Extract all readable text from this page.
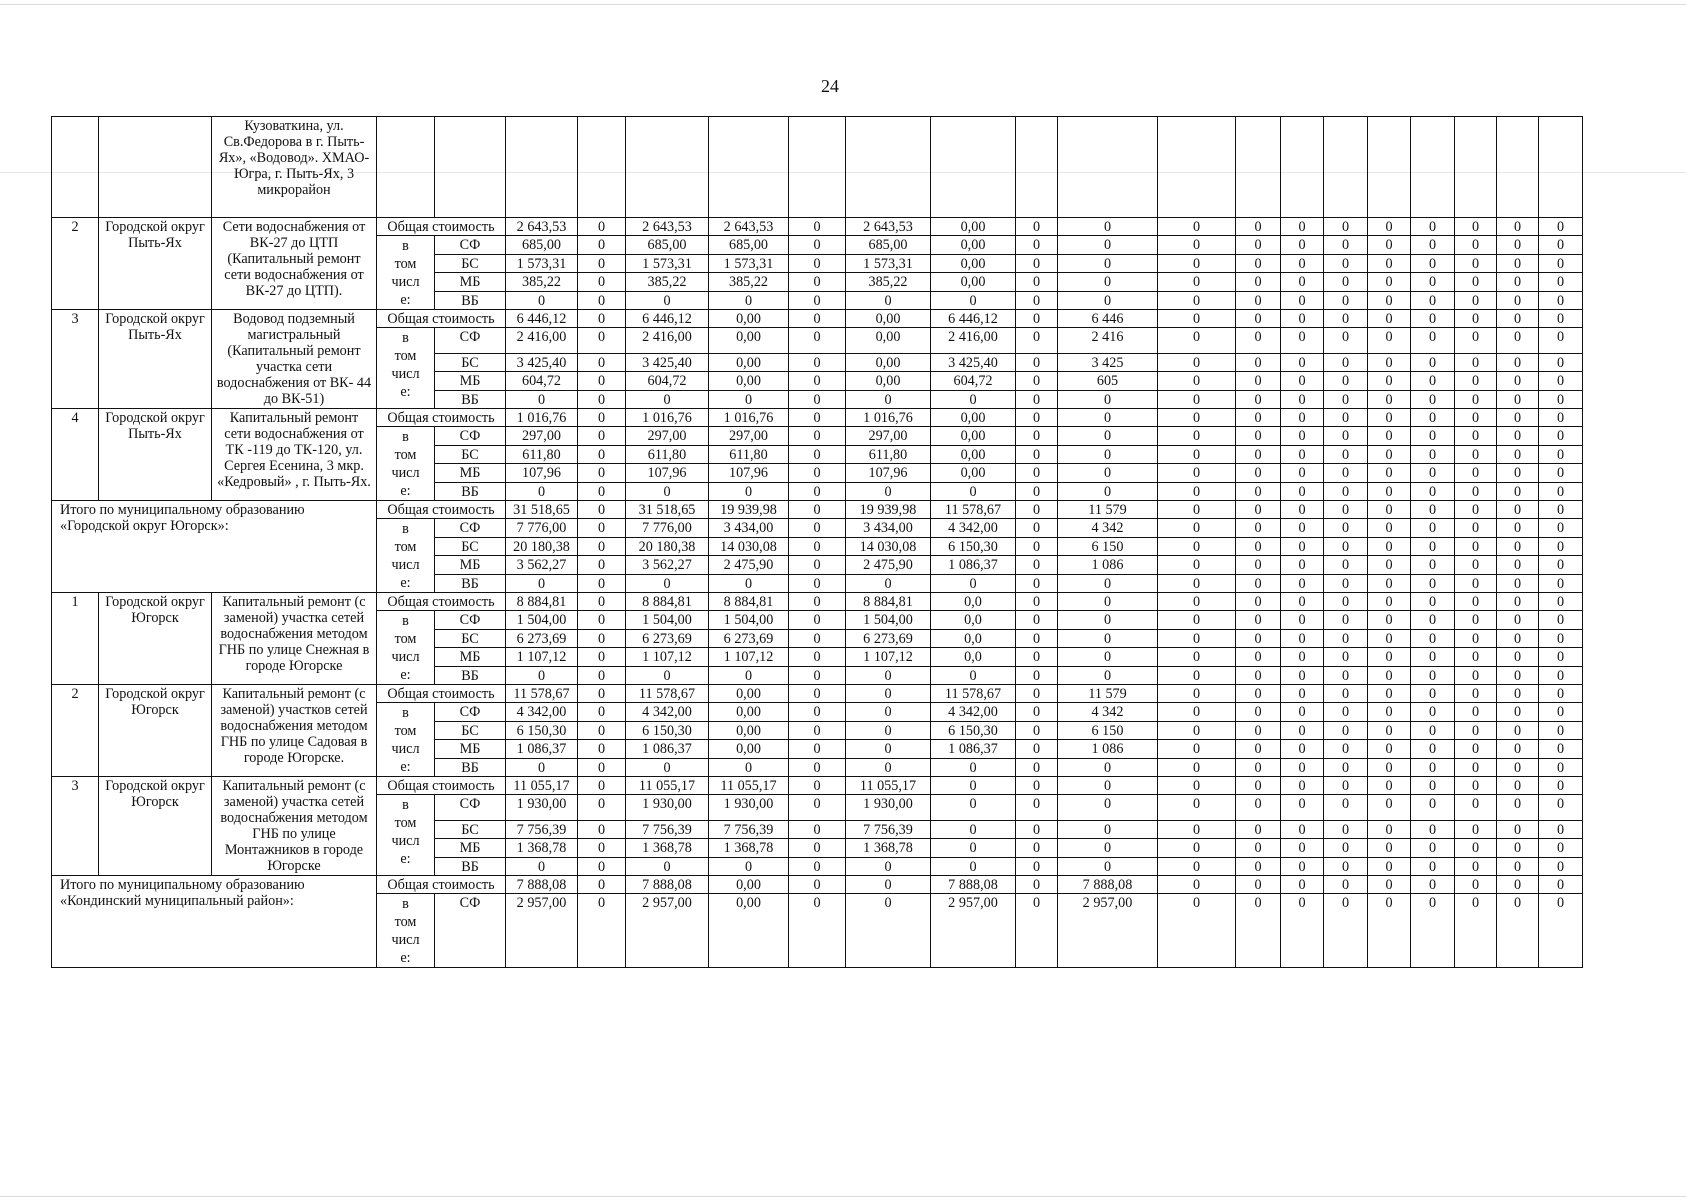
24
		Кузоваткина, ул. Св.Федорова в г. Пыть-Ях», «Водовод». ХМАО-Югра, г. Пыть-Ях, 3 микрорайон																				
2	Городской округ Пыть-Ях	Сети водоснабжения от ВК-27 до ЦТП (Капитальный ремонт сети водоснабжения от ВК-27 до ЦТП).	Общая стоимость		2 643,53	0	2 643,53	2 643,53	0	2 643,53	0,00	0	0	0	0	0	0	0	0	0	0	0

			в
том
числ
е:	СФ	685,00	0	685,00	685,00	0	685,00	0,00	0	0	0	0	0	0	0	0	0	0	0
				БС	1 573,31	0	1 573,31	1 573,31	0	1 573,31	0,00	0	0	0	0	0	0	0	0	0	0	0
				МБ	385,22	0	385,22	385,22	0	385,22	0,00	0	0	0	0	0	0	0	0	0	0	0
				ВБ	0	0	0	0	0	0	0	0	0	0	0	0	0	0	0	0	0	0
3	Городской округ Пыть-Ях	Водовод подземный магистральный (Капитальный ремонт участка сети водоснабжения от ВК- 44 до ВК-51)	Общая стоимость		6 446,12	0	6 446,12	0,00	0	0,00	6 446,12	0	6 446	0	0	0	0	0	0	0	0	0

			в
том
числ
е:	СФ	2 416,00	0	2 416,00	0,00	0	0,00	2 416,00	0	2 416	0	0	0	0	0	0	0	0	0
				БС	3 425,40	0	3 425,40	0,00	0	0,00	3 425,40	0	3 425	0	0	0	0	0	0	0	0	0
				МБ	604,72	0	604,72	0,00	0	0,00	604,72	0	605	0	0	0	0	0	0	0	0	0
				ВБ	0	0	0	0	0	0	0	0	0	0	0	0	0	0	0	0	0	0
4	Городской округ Пыть-Ях	Капитальный ремонт сети водоснабжения от ТК -119 до ТК-120, ул. Сергея Есенина, 3 мкр. «Кедровый» , г. Пыть-Ях.	Общая стоимость		1 016,76	0	1 016,76	1 016,76	0	1 016,76	0,00	0	0	0	0	0	0	0	0	0	0	0

			в
том
числ
е:	СФ	297,00	0	297,00	297,00	0	297,00	0,00	0	0	0	0	0	0	0	0	0	0	0
				БС	611,80	0	611,80	611,80	0	611,80	0,00	0	0	0	0	0	0	0	0	0	0	0
				МБ	107,96	0	107,96	107,96	0	107,96	0,00	0	0	0	0	0	0	0	0	0	0	0
				ВБ	0	0	0	0	0	0	0	0	0	0	0	0	0	0	0	0	0	0
Итого по муниципальному образованию «Городской округ Югорск»:			Общая стоимость		31 518,65	0	31 518,65	19 939,98	0	19 939,98	11 578,67	0	11 579	0	0	0	0	0	0	0	0	0

			в
том
числ
е:	СФ	7 776,00	0	7 776,00	3 434,00	0	3 434,00	4 342,00	0	4 342	0	0	0	0	0	0	0	0	0
				БС	20 180,38	0	20 180,38	14 030,08	0	14 030,08	6 150,30	0	6 150	0	0	0	0	0	0	0	0	0
				МБ	3 562,27	0	3 562,27	2 475,90	0	2 475,90	1 086,37	0	1 086	0	0	0	0	0	0	0	0	0
				ВБ	0	0	0	0	0	0	0	0	0	0	0	0	0	0	0	0	0	0
1	Городской округ Югорск	Капитальный ремонт (с заменой) участка сетей водоснабжения методом ГНБ по улице Снежная в городе Югорске	Общая стоимость		8 884,81	0	8 884,81	8 884,81	0	8 884,81	0,0	0	0	0	0	0	0	0	0	0	0	0

			в
том
числ
е:	СФ	1 504,00	0	1 504,00	1 504,00	0	1 504,00	0,0	0	0	0	0	0	0	0	0	0	0	0
				БС	6 273,69	0	6 273,69	6 273,69	0	6 273,69	0,0	0	0	0	0	0	0	0	0	0	0	0
				МБ	1 107,12	0	1 107,12	1 107,12	0	1 107,12	0,0	0	0	0	0	0	0	0	0	0	0	0
				ВБ	0	0	0	0	0	0	0	0	0	0	0	0	0	0	0	0	0	0
2	Городской округ Югорск	Капитальный ремонт (с заменой) участков сетей водоснабжения методом ГНБ по улице Садовая в городе Югорске.	Общая стоимость		11 578,67	0	11 578,67	0,00	0	0	11 578,67	0	11 579	0	0	0	0	0	0	0	0	0

			в
том
числ
е:	СФ	4 342,00	0	4 342,00	0,00	0	0	4 342,00	0	4 342	0	0	0	0	0	0	0	0	0
				БС	6 150,30	0	6 150,30	0,00	0	0	6 150,30	0	6 150	0	0	0	0	0	0	0	0	0
				МБ	1 086,37	0	1 086,37	0,00	0	0	1 086,37	0	1 086	0	0	0	0	0	0	0	0	0
				ВБ	0	0	0	0	0	0	0	0	0	0	0	0	0	0	0	0	0	0
3	Городской округ Югорск	Капитальный ремонт (с заменой) участка сетей водоснабжения методом ГНБ по улице Монтажников в городе Югорске	Общая стоимость		11 055,17	0	11 055,17	11 055,17	0	11 055,17	0	0	0	0	0	0	0	0	0	0	0	0

			в
том
числ
е:	СФ	1 930,00	0	1 930,00	1 930,00	0	1 930,00	0	0	0	0	0	0	0	0	0	0	0	0
				БС	7 756,39	0	7 756,39	7 756,39	0	7 756,39	0	0	0	0	0	0	0	0	0	0	0	0
				МБ	1 368,78	0	1 368,78	1 368,78	0	1 368,78	0	0	0	0	0	0	0	0	0	0	0	0
				ВБ	0	0	0	0	0	0	0	0	0	0	0	0	0	0	0	0	0	0
Итого по муниципальному образованию «Кондинский муниципальный район»:			Общая стоимость		7 888,08	0	7 888,08	0,00	0	0	7 888,08	0	7 888,08	0	0	0	0	0	0	0	0	0

			в
том
числ
е:	СФ	2 957,00	0	2 957,00	0,00	0	0	2 957,00	0	2 957,00	0	0	0	0	0	0	0	0	0
